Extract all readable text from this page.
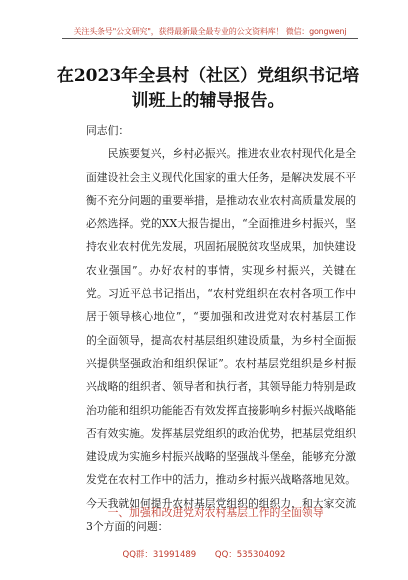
关注头条号"公文研究"，获得最新最全最专业的公文资料库！ 微信：gongwenj
在2023年全县村（社区）党组织书记培
训班上的辅导报告。

同志们：

民族要复兴，乡村必振兴。推进农业农村现代化是全面建设社会主义现代化国家的重大任务，是解决发展不平衡不充分问题的重要举措，是推动农业农村高质量发展的必然选择。党的XX大报告提出，“全面推进乡村振兴，坚持农业农村优先发展，巩固拓展脱贫攻坚成果，加快建设农业强国”。办好农村的事情，实现乡村振兴，关键在党。习近平总书记指出，“农村党组织在农村各项工作中居于领导核心地位”，“要加强和改进党对农村基层工作的全面领导，提高农村基层组织建设质量，为乡村全面振兴提供坚强政治和组织保证”。农村基层党组织是乡村振兴战略的组织者、领导者和执行者，其领导能力特别是政治功能和组织功能能否有效发挥直接影响乡村振兴战略能否有效实施。发挥基层党组织的政治优势，把基层党组织建设成为实施乡村振兴战略的坚强战斗堡垒，能够充分激发党在农村工作中的活力，推动乡村振兴战略落地见效。今天我就如何提升农村基层党组织的组织力，和大家交流3个方面的问题：

一、加强和改进党对农村基层工作的全面领导
QQ群：31991489 QQ：535304092
